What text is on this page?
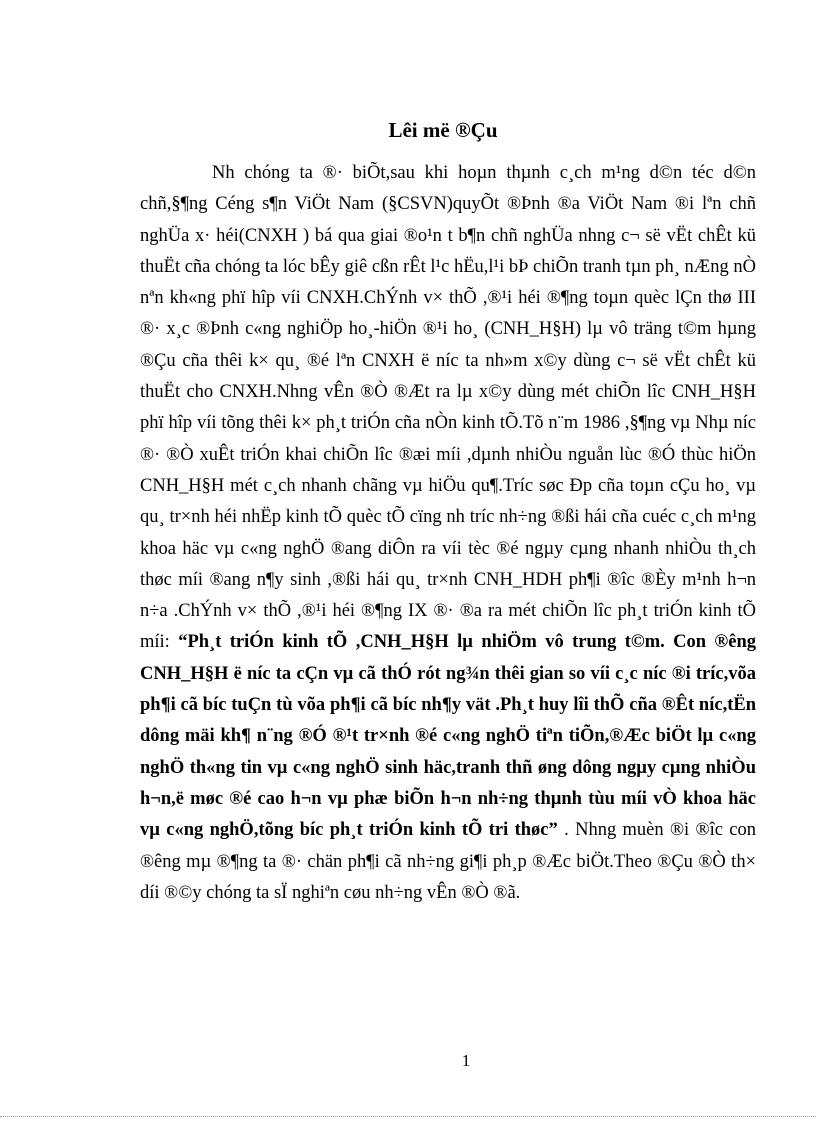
Lêi më ®Çu

Nh chóng ta ®· biÕt,sau khi hoµn thµnh c¸ch m¹ng d©n téc d©n chñ,§¶ng Céng s¶n ViÖt Nam (§CSVN)quyÕt ®Þnh ®a ViÖt Nam ®i lªn chñ nghÜa x· héi(CNXH ) bá qua giai ®o¹n t b¶n chñ nghÜa nhng c¬ së vËt chÊt kü thuËt cña chóng ta lóc bÊy giê cßn rÊt l¹c hËu,l¹i bÞ chiÕn tranh tµn ph¸ nÆng nÒ nªn kh«ng phï hîp víi CNXH.ChÝnh v× thÕ ,®¹i héi ®¶ng toµn quèc lÇn thø III ®· x¸c ®Þnh c«ng nghiÖp ho¸-hiÖn ®¹i ho¸ (CNH_H§H) lµ vô träng t©m hµng ®Çu cña thêi k× qu¸ ®é lªn CNXH ë níc ta nh»m x©y dùng c¬ së vËt chÊt kü thuËt cho CNXH.Nhng vÊn ®Ò ®Æt ra lµ x©y dùng mét chiÕn lîc CNH_H§H phï hîp víi tõng thêi k× ph¸t triÓn cña nÒn kinh tÕ.Tõ n¨m 1986 ,§¶ng vµ Nhµ níc ®· ®Ò xuÊt triÓn khai chiÕn lîc ®æi míi ,dµnh nhiÒu nguån lùc ®Ó thùc hiÖn CNH_H§H mét c¸ch nhanh chãng vµ hiÖu qu¶.Tríc søc Ðp cña toµn cÇu ho¸ vµ qu¸ tr×nh héi nhËp kinh tÕ quèc tÕ cïng nh tríc nh÷ng ®ßi hái cña cuéc c¸ch m¹ng khoa häc vµ c«ng nghÖ ®ang diÔn ra víi tèc ®é ngµy cµng nhanh nhiÒu th¸ch thøc míi ®ang n¶y sinh ,®ßi hái qu¸ tr×nh CNH_HDH ph¶i ®îc ®Èy m¹nh h¬n n÷a .ChÝnh v× thÕ ,®¹i héi ®¶ng IX ®· ®a ra mét chiÕn lîc ph¸t triÓn kinh tÕ míi: “Ph¸t triÓn kinh tÕ ,CNH_H§H lµ nhiÖm vô trung t©m. Con ®êng CNH_H§H ë níc ta cÇn vµ cã thÓ rót ng¾n thêi gian so víi c¸c níc ®i tríc,võa ph¶i cã bíc tuÇn tù võa ph¶i cã bíc nh¶y vät .Ph¸t huy lîi thÕ cña ®Êt níc,tËn dông mäi kh¶ n¨ng ®Ó ®¹t tr×nh ®é c«ng nghÖ tiªn tiÕn,®Æc biÖt lµ c«ng nghÖ th«ng tin vµ c«ng nghÖ sinh häc,tranh thñ øng dông ngµy cµng nhiÒu h¬n,ë møc ®é cao h¬n vµ phæ biÕn h¬n nh÷ng thµnh tùu míi vÒ khoa häc vµ c«ng nghÖ,tõng bíc ph¸t triÓn kinh tÕ tri thøc” . Nhng muèn ®i ®îc con ®êng mµ ®¶ng ta ®· chän ph¶i cã nh÷ng gi¶i ph¸p ®Æc biÖt.Theo ®Çu ®Ò th× díi ®©y chóng ta sÏ nghiªn cøu nh÷ng vÊn ®Ò ®ã.

1
